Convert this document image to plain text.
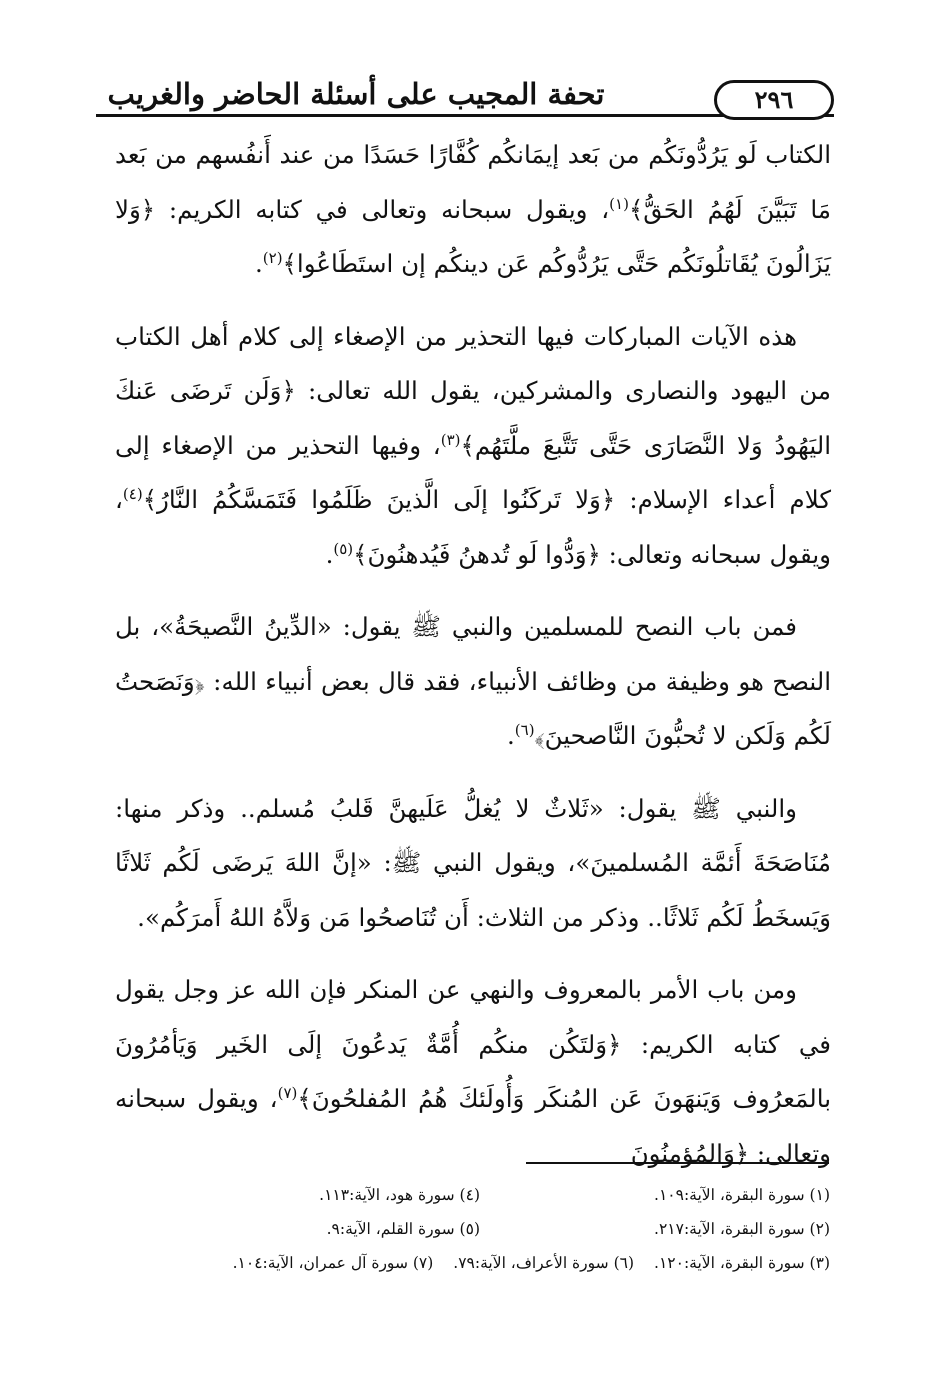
تحفة المجيب على أسئلة الحاضر والغريب	٢٩٦

الكتاب لَو يَرُدُّونَكُم من بَعد إيمَانكُم كُفَّارًا حَسَدًا من عند أَنفُسهم من بَعد مَا تَبَيَّنَ لَهُمُ الحَقُّ﴾$^{(١)}$، ويقول سبحانه وتعالى في كتابه الكريم: ﴿وَلا يَزَالُونَ يُقَاتلُونَكُم حَتَّى يَرُدُّوكُم عَن دينكُم إن استَطَاعُوا﴾$^{(٢)}$.

هذه الآيات المباركات فيها التحذير من الإصغاء إلى كلام أهل الكتاب من اليهود والنصارى والمشركين، يقول الله تعالى: ﴿وَلَن تَرضَى عَنكَ اليَهُودُ وَلا النَّصَارَى حَتَّى تَتَّبعَ ملَّتَهُم﴾$^{(٣)}$، وفيها التحذير من الإصغاء إلى كلام أعداء الإسلام: ﴿وَلا تَركَنُوا إلَى الَّذينَ ظَلَمُوا فَتَمَسَّكُمُ النَّارُ﴾$^{(٤)}$، ويقول سبحانه وتعالى: ﴿وَدُّوا لَو تُدهنُ فَيُدهنُونَ﴾$^{(٥)}$.

فمن باب النصح للمسلمين والنبي ﷺ يقول: «الدِّينُ النَّصيحَةُ»، بل النصح هو وظيفة من وظائف الأنبياء، فقد قال بعض أنبياء الله: ﴿وَنَصَحتُ لَكُم وَلَكن لا تُحبُّونَ النَّاصحينَ﴾$^{(٦)}$.

والنبي ﷺ يقول: «ثَلاثٌ لا يُغلُّ عَلَيهنَّ قَلبُ مُسلم.. وذكر منها: مُنَاصَحَةَ أَئمَّة المُسلمينَ»، ويقول النبي ﷺ: «إنَّ اللهَ يَرضَى لَكُم ثَلاثًا وَيَسخَطُ لَكُم ثَلاثًا.. وذكر من الثلاث: أَن تُنَاصحُوا مَن وَلاَّهُ اللهُ أَمرَكُم».

ومن باب الأمر بالمعروف والنهي عن المنكر فإن الله عز وجل يقول في كتابه الكريم: ﴿وَلتَكُن منكُم أُمَّةٌ يَدعُونَ إلَى الخَير وَيَأمُرُونَ بالمَعرُوف وَيَنهَونَ عَن المُنكَر وَأُولَئكَ هُمُ المُفلحُونَ﴾$^{(٧)}$، ويقول سبحانه وتعالى: ﴿وَالمُؤمنُونَ

(١) سورة البقرة، الآية:١٠٩.
(٤) سورة هود، الآية:١١٣.
(٢) سورة البقرة، الآية:٢١٧.
(٥) سورة القلم، الآية:٩.
(٣) سورة البقرة، الآية:١٢٠.
(٦) سورة الأعراف، الآية:٧٩.
(٧) سورة آل عمران، الآية:١٠٤.
